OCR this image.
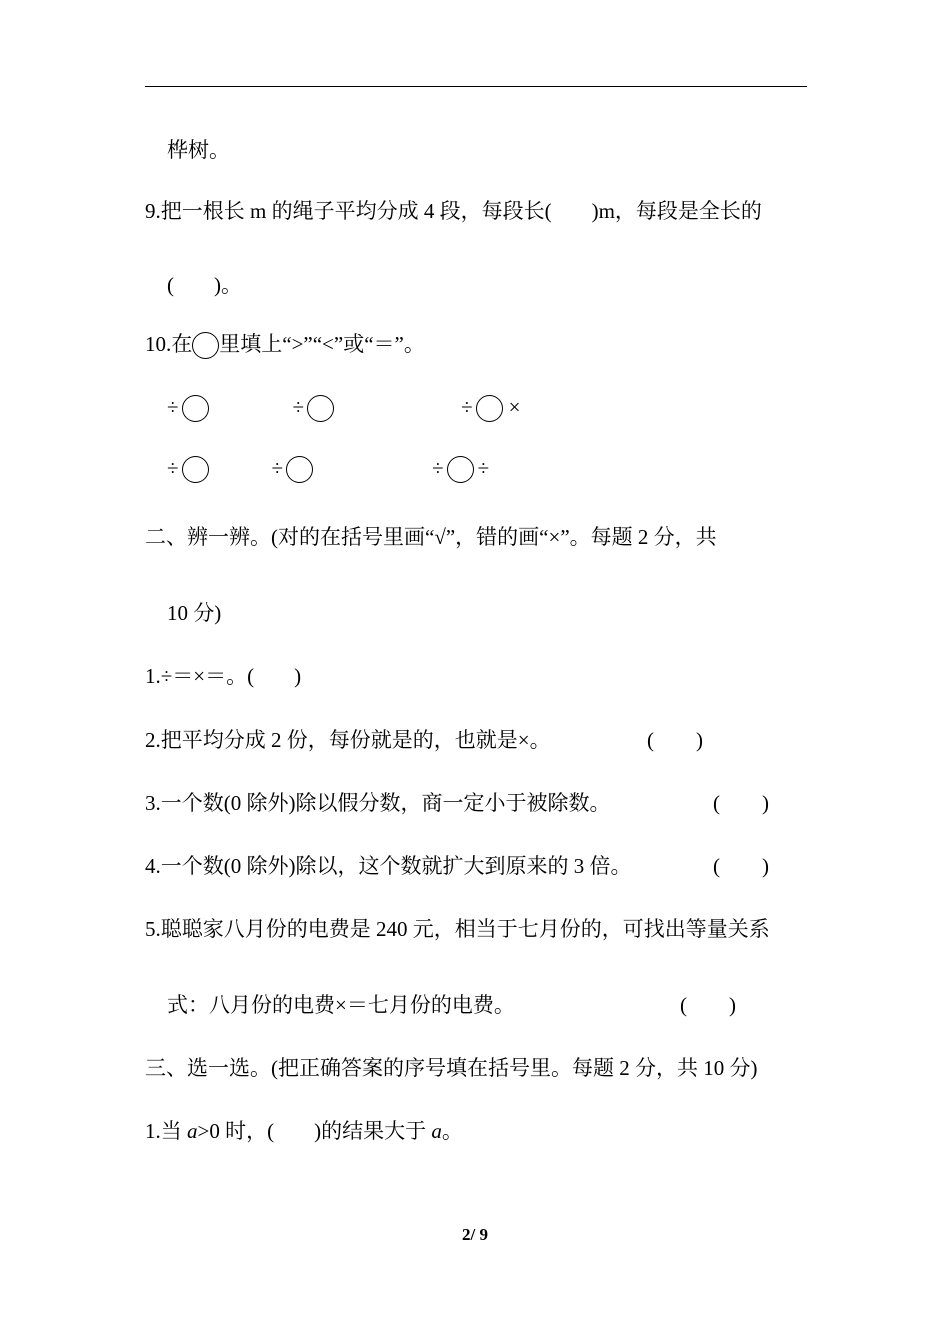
桦树。
9.把一根长 m 的绳子平均分成 4 段，每段长( )m，每段是全长的
( )。
10.在 里填上“>”“<”或“＝”。
÷	÷	÷ ×
÷	÷	÷ ÷
二、辨一辨。(对的在括号里画“√”，错的画“×”。每题 2 分，共
10 分)
1.÷＝×＝。( )
2.把平均分成 2 份，每份就是的，也就是×。	( )
3.一个数(0 除外)除以假分数，商一定小于被除数。	( )
4.一个数(0 除外)除以，这个数就扩大到原来的 3 倍。	( )
5.聪聪家八月份的电费是 240 元，相当于七月份的，可找出等量关系
式：八月份的电费×＝七月份的电费。	( )
三、选一选。(把正确答案的序号填在括号里。每题 2 分，共 10 分)
1.当 a>0 时，( )的结果大于 a。
2/ 9
